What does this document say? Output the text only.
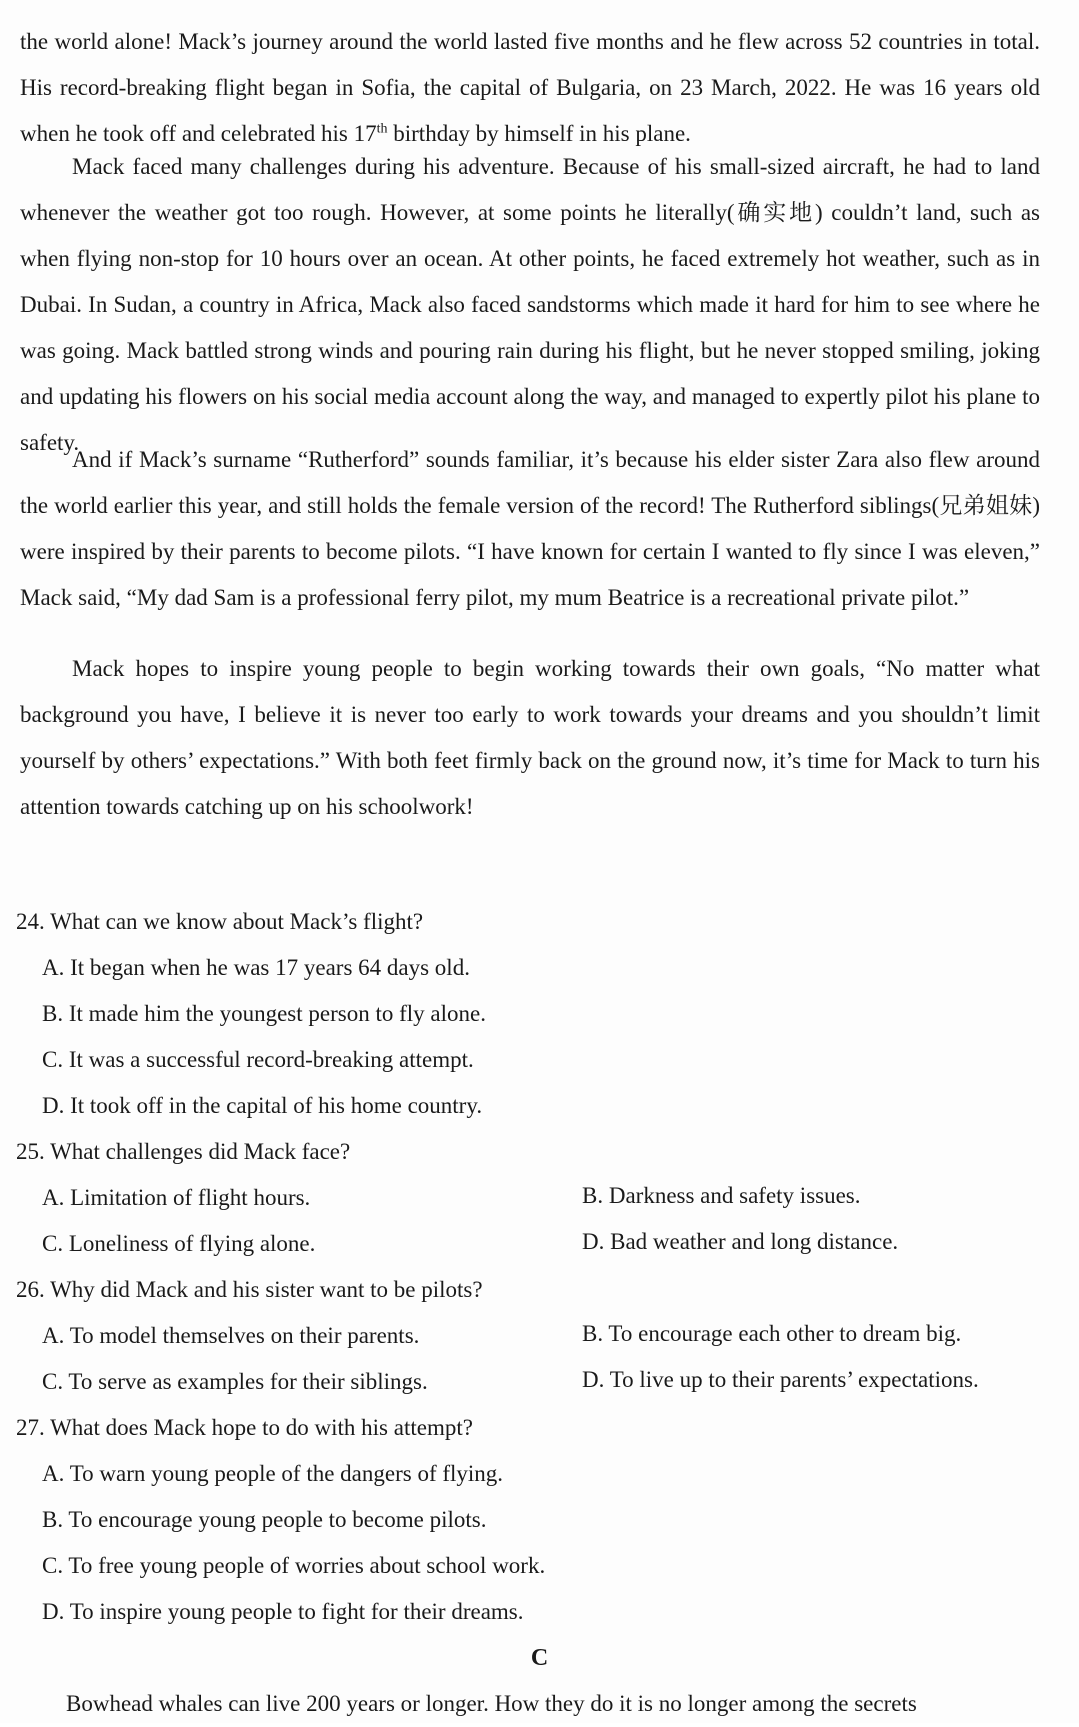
the world alone! Mack’s journey around the world lasted five months and he flew across 52 countries in total. His record-breaking flight began in Sofia, the capital of Bulgaria, on 23 March, 2022. He was 16 years old when he took off and celebrated his 17th birthday by himself in his plane.

Mack faced many challenges during his adventure. Because of his small-sized aircraft, he had to land whenever the weather got too rough. However, at some points he literally(确实地) couldn’t land, such as when flying non-stop for 10 hours over an ocean. At other points, he faced extremely hot weather, such as in Dubai. In Sudan, a country in Africa, Mack also faced sandstorms which made it hard for him to see where he was going. Mack battled strong winds and pouring rain during his flight, but he never stopped smiling, joking and updating his flowers on his social media account along the way, and managed to expertly pilot his plane to safety.

And if Mack’s surname “Rutherford” sounds familiar, it’s because his elder sister Zara also flew around the world earlier this year, and still holds the female version of the record! The Rutherford siblings(兄弟姐妹) were inspired by their parents to become pilots. “I have known for certain I wanted to fly since I was eleven,” Mack said, “My dad Sam is a professional ferry pilot, my mum Beatrice is a recreational private pilot.”

Mack hopes to inspire young people to begin working towards their own goals, “No matter what background you have, I believe it is never too early to work towards your dreams and you shouldn’t limit yourself by others’ expectations.” With both feet firmly back on the ground now, it’s time for Mack to turn his attention towards catching up on his schoolwork!

24. What can we know about Mack’s flight?

A. It began when he was 17 years 64 days old.

B. It made him the youngest person to fly alone.

C. It was a successful record-breaking attempt.

D. It took off in the capital of his home country.

25. What challenges did Mack face?

A. Limitation of flight hours.	B. Darkness and safety issues.

C. Loneliness of flying alone.	D. Bad weather and long distance.

26. Why did Mack and his sister want to be pilots?

A. To model themselves on their parents.	B. To encourage each other to dream big.

C. To serve as examples for their siblings.	D. To live up to their parents’ expectations.

27. What does Mack hope to do with his attempt?

A. To warn young people of the dangers of flying.

B. To encourage young people to become pilots.

C. To free young people of worries about school work.

D. To inspire young people to fight for their dreams.

C

Bowhead whales can live 200 years or longer. How they do it is no longer among the secrets
